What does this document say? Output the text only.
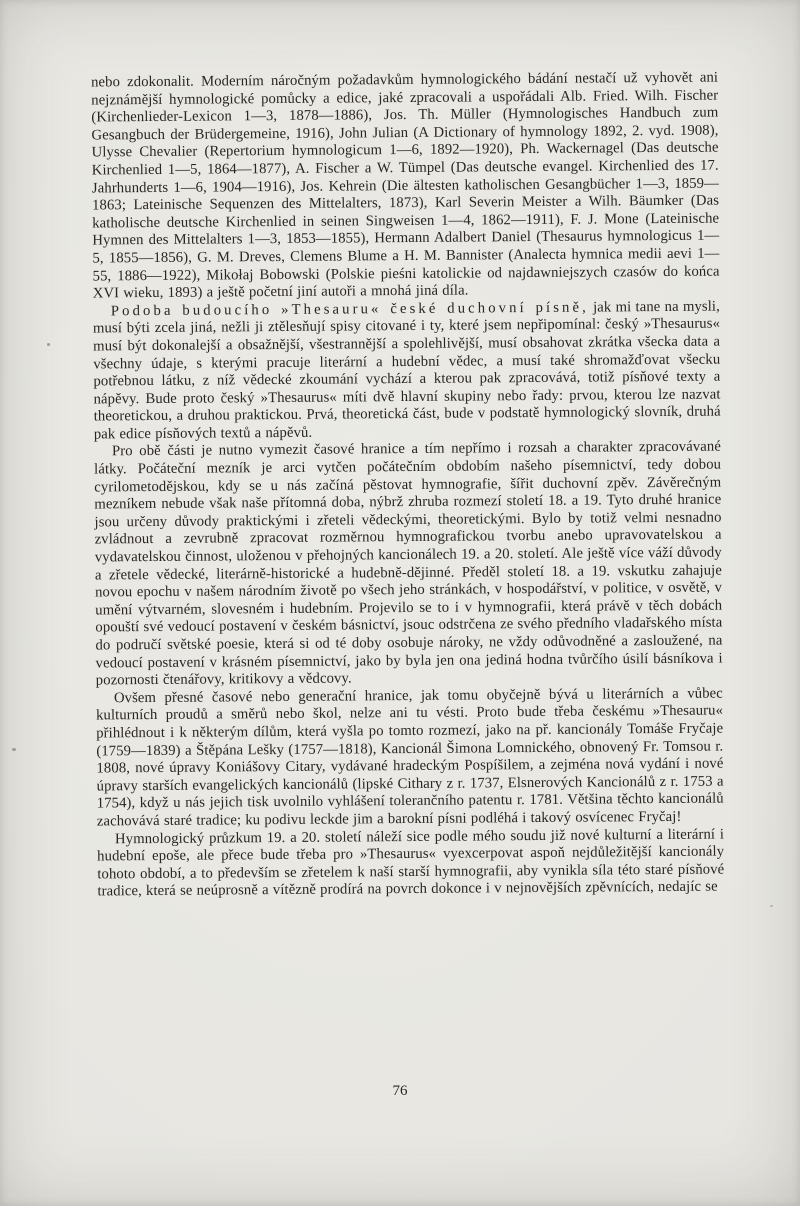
nebo zdokonalit. Moderním náročným požadavkům hymnologického bádání nestačí už vyhovět ani nejznámější hymnologické pomůcky a edice, jaké zpracovali a uspořádali Alb. Fried. Wilh. Fischer (Kirchenlieder-Lexicon 1—3, 1878—1886), Jos. Th. Müller (Hymnologisches Handbuch zum Gesangbuch der Brüdergemeine, 1916), John Julian (A Dictionary of hymnology 1892, 2. vyd. 1908), Ulysse Chevalier (Repertorium hymnologicum 1—6, 1892—1920), Ph. Wackernagel (Das deutsche Kirchenlied 1—5, 1864—1877), A. Fischer a W. Tümpel (Das deutsche evangel. Kirchenlied des 17. Jahrhunderts 1—6, 1904—1916), Jos. Kehrein (Die ältesten katholischen Gesangbücher 1—3, 1859—1863; Lateinische Sequenzen des Mittelalters, 1873), Karl Severin Meister a Wilh. Bäumker (Das katholische deutsche Kirchenlied in seinen Singweisen 1—4, 1862—1911), F. J. Mone (Lateinische Hymnen des Mittelalters 1—3, 1853—1855), Hermann Adalbert Daniel (Thesaurus hymnologicus 1—5, 1855—1856), G. M. Dreves, Clemens Blume a H. M. Bannister (Analecta hymnica medii aevi 1—55, 1886—1922), Mikołaj Bobowski (Polskie pieśni katolickie od najdawniejszych czasów do końca XVI wieku, 1893) a ještě početní jiní autoři a mnohá jiná díla.

Podoba budoucího »Thesauru« české duchovní písně, jak mi tane na mysli, musí býti zcela jiná, nežli ji ztělesňují spisy citované i ty, které jsem nepřipomínal: český »Thesaurus« musí být dokonalejší a obsažnější, všestrannější a spolehlivější, musí obsahovat zkrátka všecka data a všechny údaje, s kterými pracuje literární a hudební vědec, a musí také shromažďovat všecku potřebnou látku, z níž vědecké zkoumání vychází a kterou pak zpracovává, totiž písňové texty a nápěvy. Bude proto český »Thesaurus« míti dvě hlavní skupiny nebo řady: prvou, kterou lze nazvat theoretickou, a druhou praktickou. Prvá, theoretická část, bude v podstatě hymnologický slovník, druhá pak edice písňových textů a nápěvů.

Pro obě části je nutno vymezit časové hranice a tím nepřímo i rozsah a charakter zpracovávané látky. Počáteční mezník je arci vytčen počátečním obdobím našeho písemnictví, tedy dobou cyrilometodějskou, kdy se u nás začíná pěstovat hymnografie, šířit duchovní zpěv. Závěrečným mezníkem nebude však naše přítomná doba, nýbrž zhruba rozmezí století 18. a 19. Tyto druhé hranice jsou určeny důvody praktickými i zřeteli vědeckými, theoretickými. Bylo by totiž velmi nesnadno zvládnout a zevrubně zpracovat rozměrnou hymnografickou tvorbu anebo upravovatelskou a vydavatelskou činnost, uloženou v přehojných kancionálech 19. a 20. století. Ale ještě více váží důvody a zřetele vědecké, literárně-historické a hudebně-dějinné. Předěl století 18. a 19. vskutku zahajuje novou epochu v našem národním životě po všech jeho stránkách, v hospodářství, v politice, v osvětě, v umění výtvarném, slovesném i hudebním. Projevilo se to i v hymnografii, která právě v těch dobách opouští své vedoucí postavení v českém básnictví, jsouc odstrčena ze svého předního vladařského místa do područí světské poesie, která si od té doby osobuje nároky, ne vždy odůvodněné a zasloužené, na vedoucí postavení v krásném písemnictví, jako by byla jen ona jediná hodna tvůrčího úsilí básníkova i pozornosti čtenářovy, kritikovy a vědcovy.

Ovšem přesné časové nebo generační hranice, jak tomu obyčejně bývá u literárních a vůbec kulturních proudů a směrů nebo škol, nelze ani tu vésti. Proto bude třeba českému »Thesauru« přihlédnout i k některým dílům, která vyšla po tomto rozmezí, jako na př. kancionály Tomáše Fryčaje (1759—1839) a Štěpána Lešky (1757—1818), Kancionál Šimona Lomnického, obnovený Fr. Tomsou r. 1808, nové úpravy Koniášovy Citary, vydávané hradeckým Pospíšilem, a zejména nová vydání i nové úpravy starších evangelických kancionálů (lipské Cithary z r. 1737, Elsnerových Kancionálů z r. 1753 a 1754), když u nás jejich tisk uvolnilo vyhlášení tolerančního patentu r. 1781. Většina těchto kancionálů zachovává staré tradice; ku podivu leckde jim a barokní písni podléhá i takový osvícenec Fryčaj!

Hymnologický průzkum 19. a 20. století náleží sice podle mého soudu již nové kulturní a literární i hudební epoše, ale přece bude třeba pro »Thesaurus« vyexcerpovat aspoň nejdůležitější kancionály tohoto období, a to především se zřetelem k naší starší hymnografii, aby vynikla síla této staré písňové tradice, která se neúprosně a vítězně prodírá na povrch dokonce i v nejnovějších zpěvnících, nedajíc se

76
